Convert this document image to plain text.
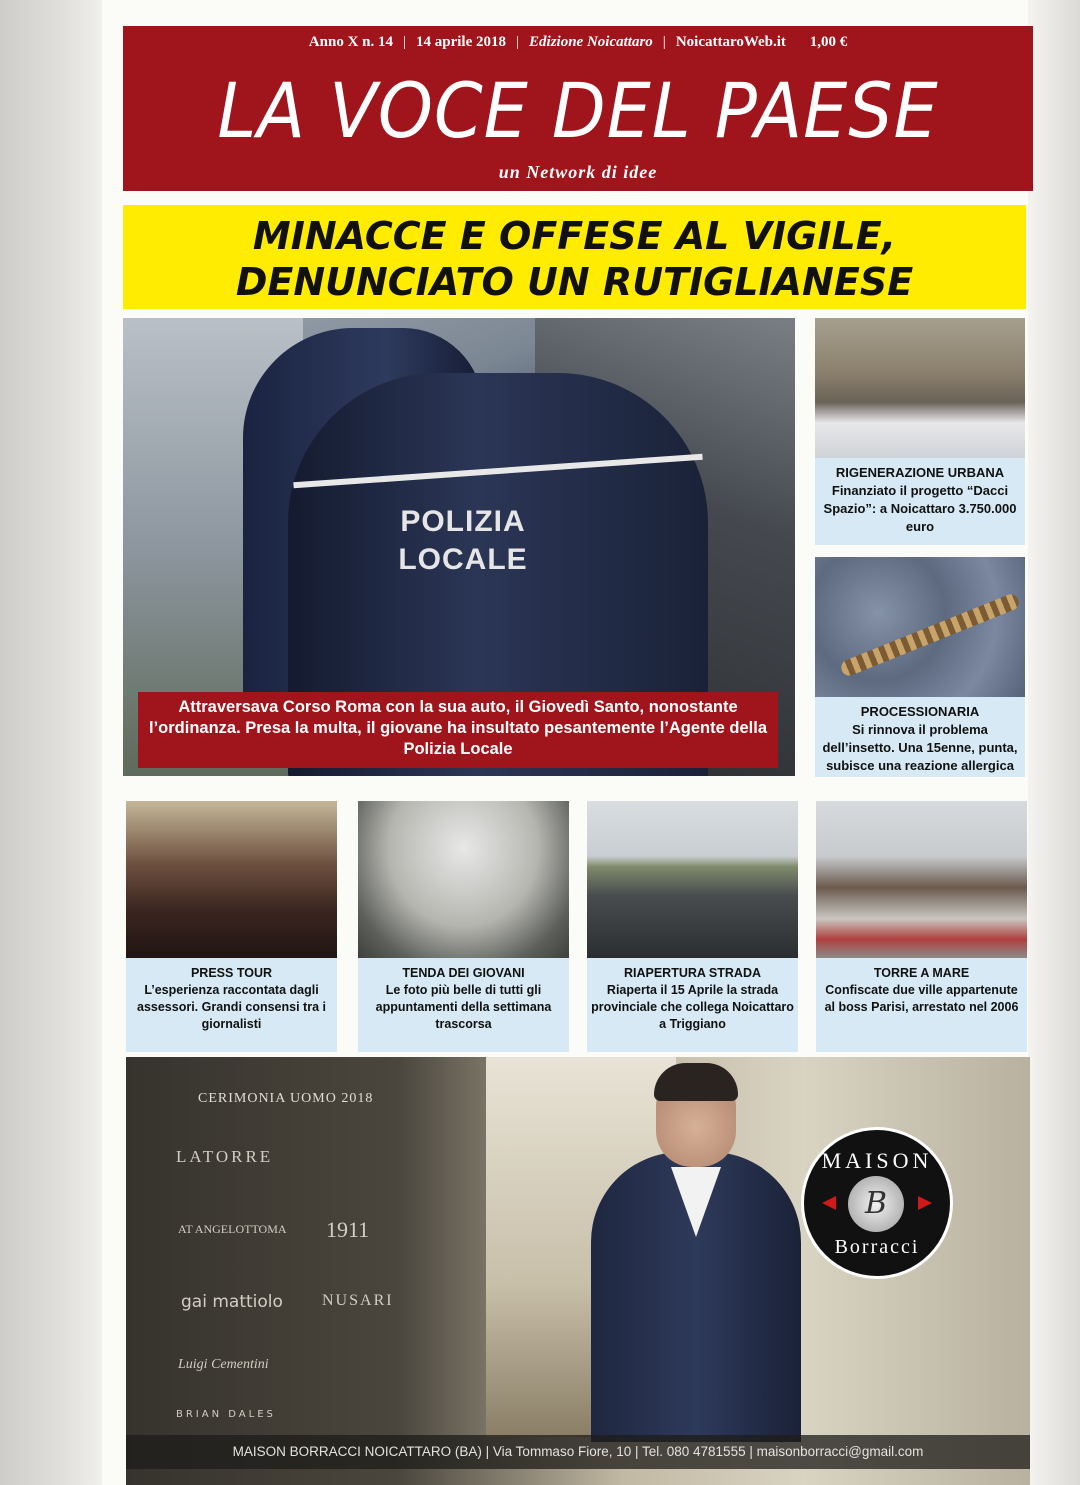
Anno X n. 14 | 14 aprile 2018 | Edizione Noicattaro | NoicattaroWeb.it 1,00 €
LA VOCE DEL PAESE
un Network di idee
MINACCE E OFFESE AL VIGILE,
DENUNCIATO UN RUTIGLIANESE
POLIZIA
LOCALE
Attraversava Corso Roma con la sua auto, il Giovedì Santo, nonostante l’ordinanza. Presa la multa, il giovane ha insultato pesantemente l’Agente della Polizia Locale
RIGENERAZIONE URBANA
Finanziato il progetto “Dacci Spazio”: a Noicattaro 3.750.000 euro
PROCESSIONARIA
Si rinnova il problema dell’insetto. Una 15enne, punta, subisce una reazione allergica
PRESS TOUR
L’esperienza raccontata dagli assessori. Grandi consensi tra i giornalisti
TENDA DEI GIOVANI
Le foto più belle di tutti gli appuntamenti della settimana trascorsa
RIAPERTURA STRADA
Riaperta il 15 Aprile la strada provinciale che collega Noicattaro a Triggiano
TORRE A MARE
Confiscate due ville appartenute al boss Parisi, arrestato nel 2006
CERIMONIA UOMO 2018
LATORRE
AT ANGELOTTOMA
gai mattiolo
Luigi Cementini
BRIAN DALES
1911
NUSARI
MAISON
B
Borracci
MAISON BORRACCI NOICATTARO (BA) | Via Tommaso Fiore, 10 | Tel. 080 4781555 | maisonborracci@gmail.com
